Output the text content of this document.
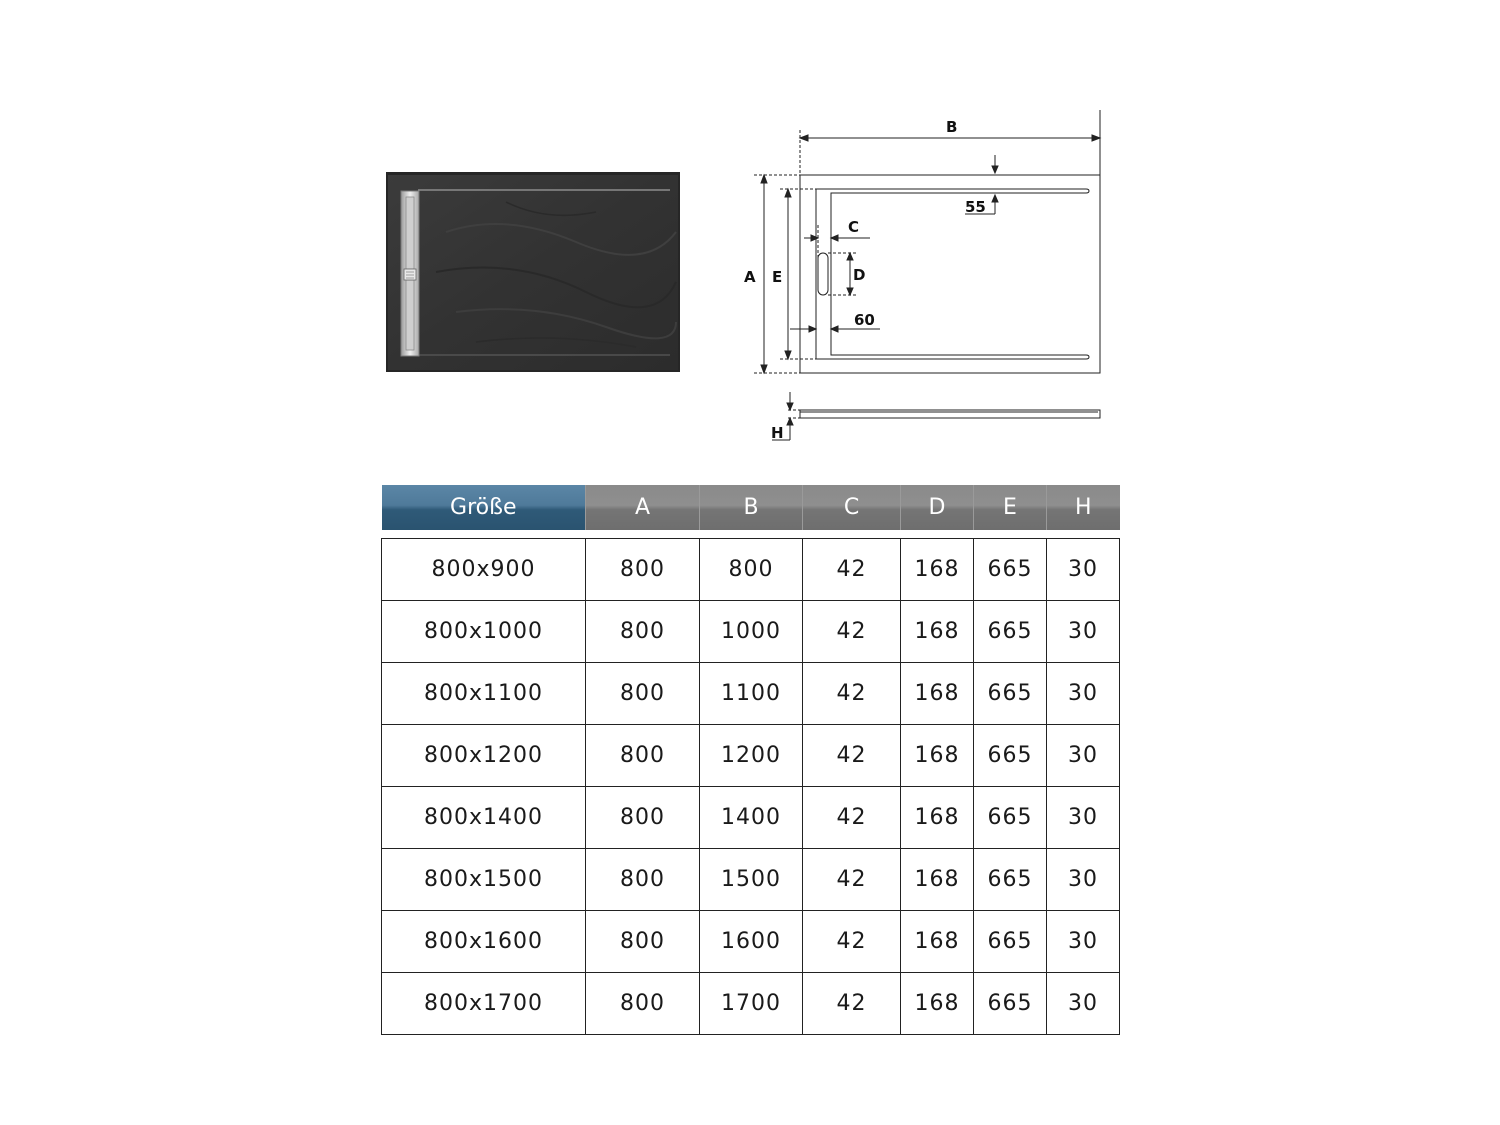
B
A E
55
C
D
60
H
Größe	A	B	C	D	E	H

800x900	800	800	42	168	665	30
800x1000	800	1000	42	168	665	30
800x1100	800	1100	42	168	665	30
800x1200	800	1200	42	168	665	30
800x1400	800	1400	42	168	665	30
800x1500	800	1500	42	168	665	30
800x1600	800	1600	42	168	665	30
800x1700	800	1700	42	168	665	30
